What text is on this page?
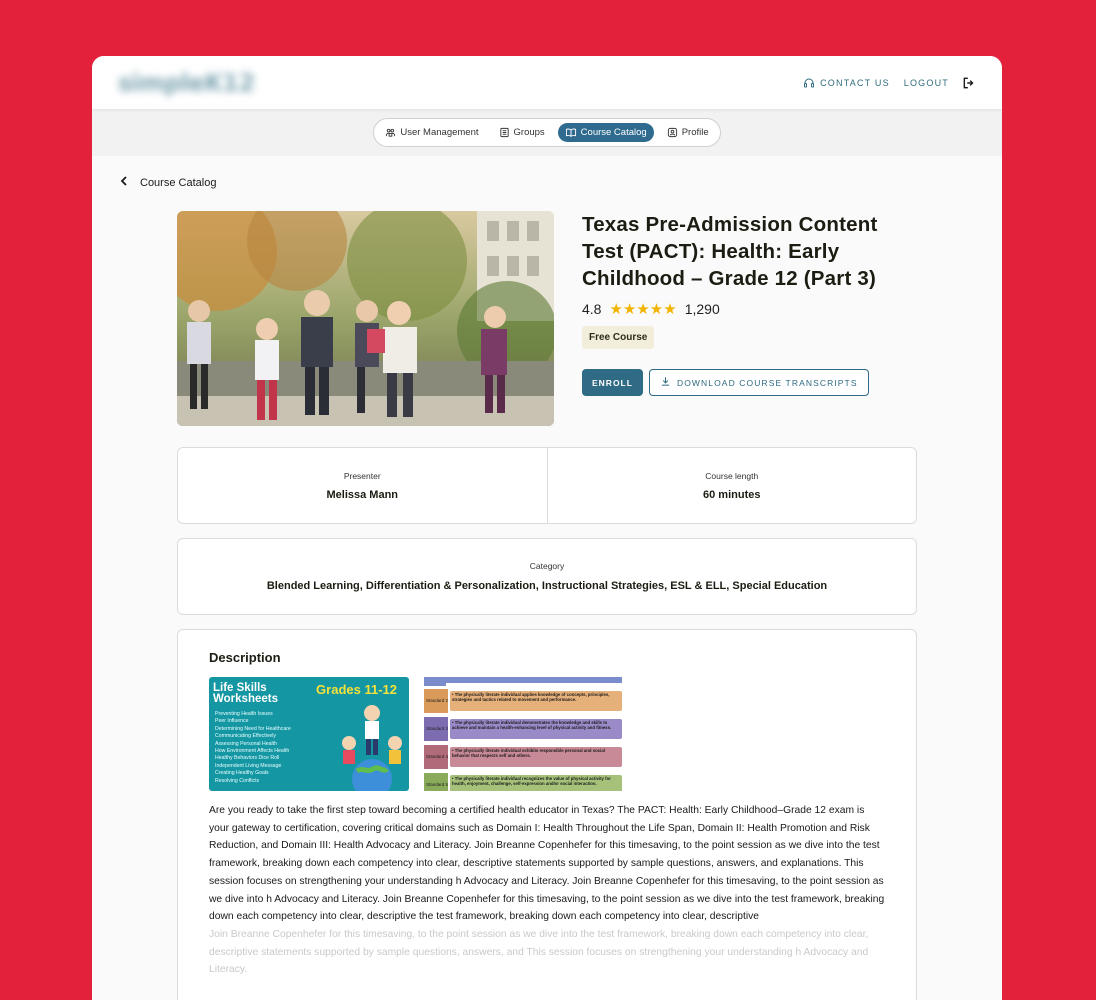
simpleK12	CONTACT US LOGOUT
User Management	Groups	Course Catalog	Profile
Course Catalog
Texas Pre-Admission Content Test (PACT): Health: Early Childhood – Grade 12 (Part 3)
4.8 ★★★★★ 1,290
Free Course
ENROLL	DOWNLOAD COURSE TRANSCRIPTS
Presenter
Melissa Mann
Course length
60 minutes
Category
Blended Learning, Differentiation & Personalization, Instructional Strategies, ESL & ELL, Special Education
Description
Life Skills
Worksheets
Grades 11-12
Preventing Health Issues
Peer Influence
Determining Need for Healthcare
Communicating Effectively
Assessing Personal Health
How Environment Affects Health
Healthy Behaviors Dice Roll
Independent Living Message
Creating Healthy Goals
Resolving Conflicts
Standard 2
• The physically literate individual applies knowledge of concepts, principles, strategies and tactics related to movement and performance.
Standard 3
• The physically literate individual demonstrates the knowledge and skills to achieve and maintain a health-enhancing level of physical activity and fitness.
Standard 4
• The physically literate individual exhibits responsible personal and social behavior that respects self and others.
Standard 5
• The physically literate individual recognizes the value of physical activity for health, enjoyment, challenge, self-expression and/or social interaction.
Are you ready to take the first step toward becoming a certified health educator in Texas? The PACT: Health: Early Childhood–Grade 12 exam is your gateway to certification, covering critical domains such as Domain I: Health Throughout the Life Span, Domain II: Health Promotion and Risk Reduction, and Domain III: Health Advocacy and Literacy. Join Breanne Copenhefer for this timesaving, to the point session as we dive into the test framework, breaking down each competency into clear, descriptive statements supported by sample questions, answers, and explanations. This session focuses on strengthening your understanding h Advocacy and Literacy. Join Breanne Copenhefer for this timesaving, to the point session as we dive into h Advocacy and Literacy. Join Breanne Copenhefer for this timesaving, to the point session as we dive into the test framework, breaking down each competency into clear, descriptive the test framework, breaking down each competency into clear, descriptive
Join Breanne Copenhefer for this timesaving, to the point session as we dive into the test framework, breaking down each competency into clear, descriptive statements supported by sample questions, answers, and This session focuses on strengthening your understanding h Advocacy and Literacy.
